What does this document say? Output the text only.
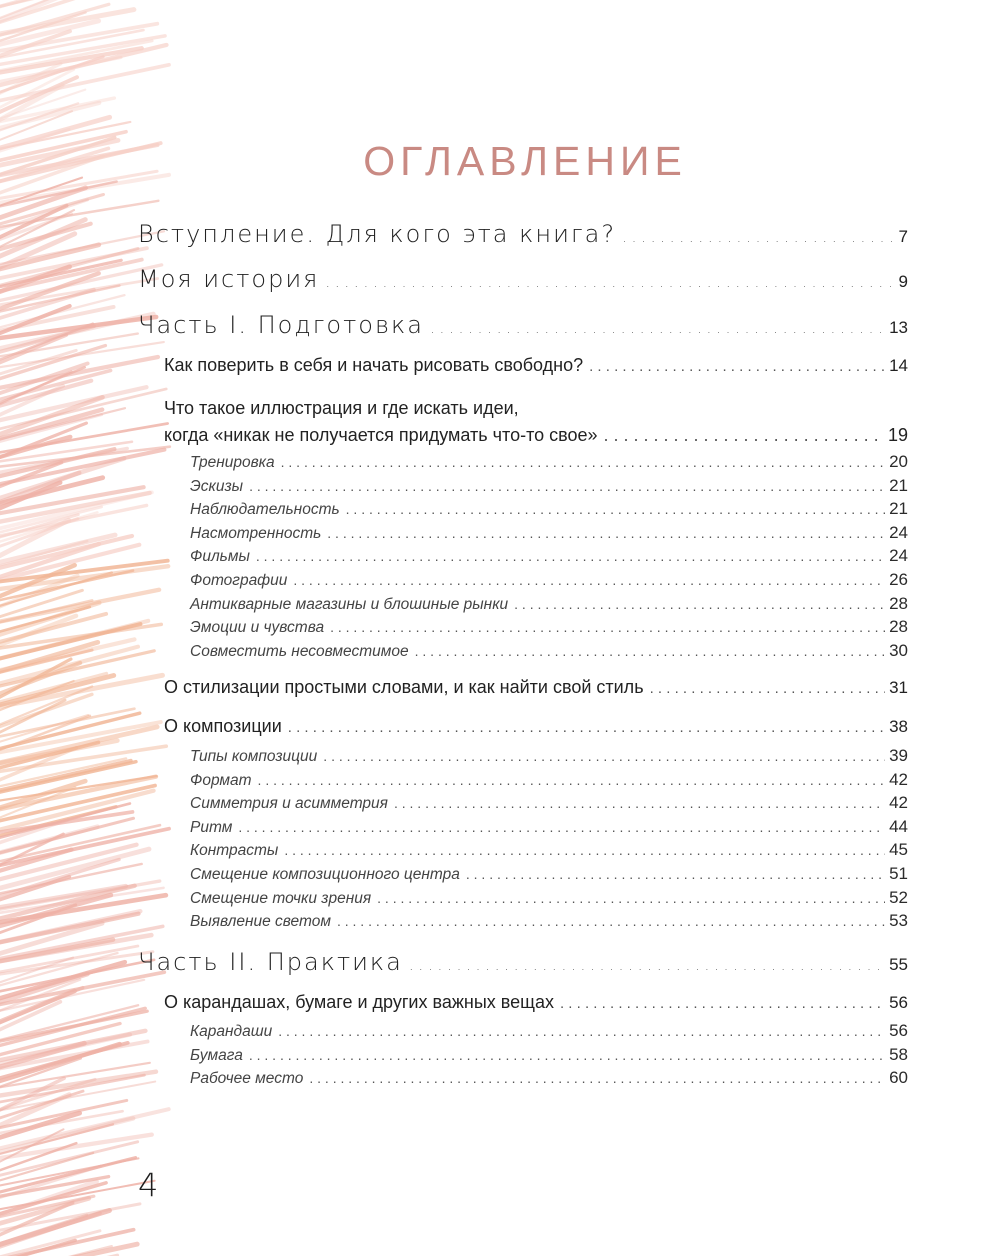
ОГЛАВЛЕНИЕ
Вступление. Для кого эта книга? . . .	7
Моя история . . .	9
Часть I. Подготовка . . .	13
Как поверить в себя и начать рисовать свободно? . . .	14
Что такое иллюстрация и где искать идеи,
когда «никак не получается придумать что-то свое» . . .	19
Тренировка . . .	20
Эскизы . . .	21
Наблюдательность . . .	21
Насмотренность . . .	24
Фильмы . . .	24
Фотографии . . .	26
Антикварные магазины и блошиные рынки . . .	28
Эмоции и чувства . . .	28
Совместить несовместимое . . .	30
О стилизации простыми словами, и как найти свой стиль . . .	31
О композиции . . .	38
Типы композиции . . .	39
Формат . . .	42
Симметрия и асимметрия . . .	42
Ритм . . .	44
Контрасты . . .	45
Смещение композиционного центра . . .	51
Смещение точки зрения . . .	52
Выявление светом . . .	53
Часть II. Практика . . .	55
О карандашах, бумаге и других важных вещах . . .	56
Карандаши . . .	56
Бумага . . .	58
Рабочее место . . .	60
4
